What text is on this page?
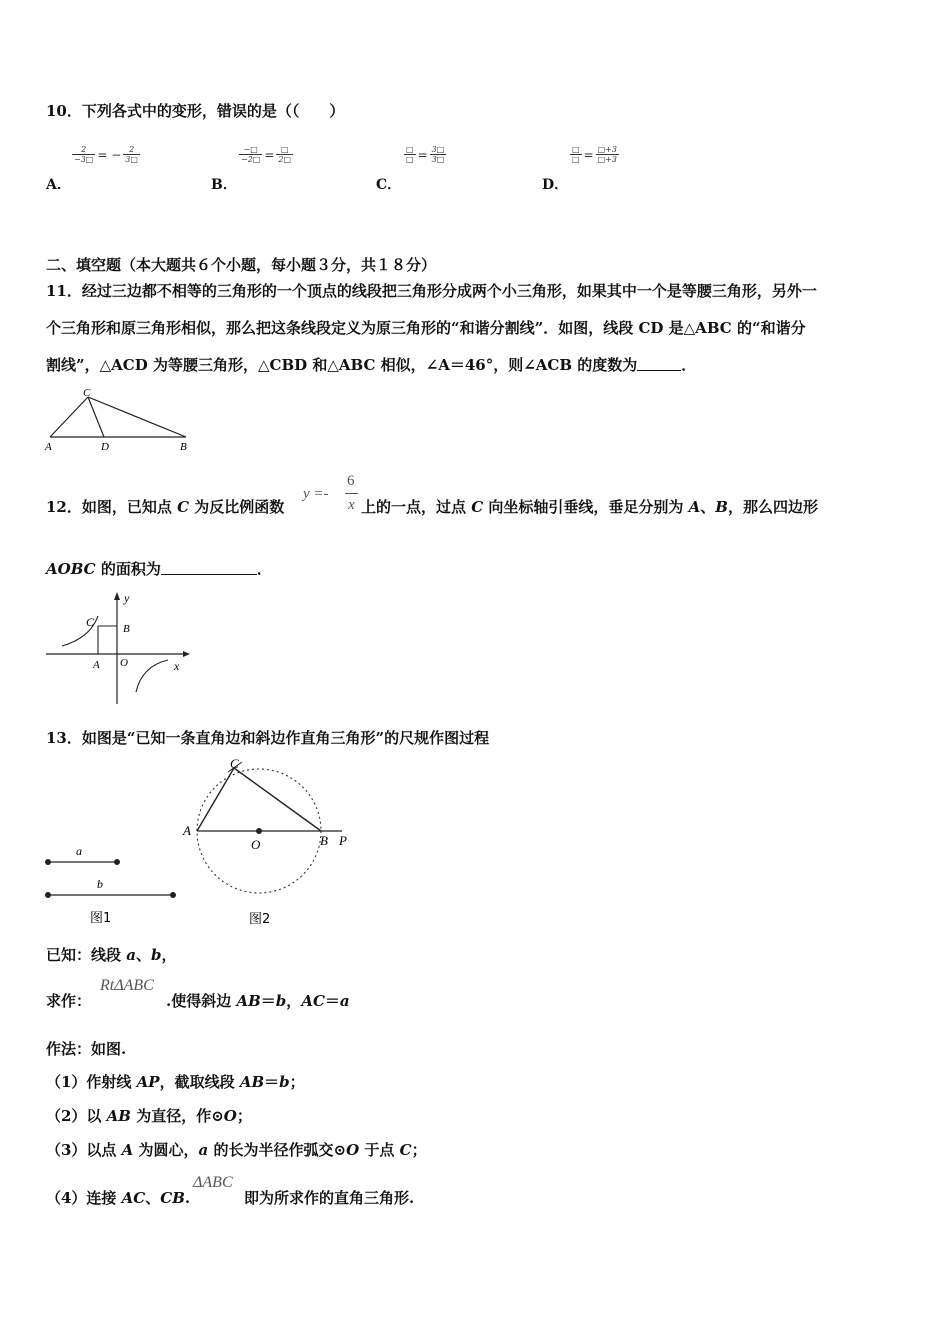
10．下列各式中的变形，错误的是（（　　）
$\frac{2}{-3□}$ = − $\frac{2}{3□}$
A．
$\frac{-□}{-2□} = \frac{□}{2□}$
B．
$\frac{□}{□} = \frac{3□}{3□}$
C．
$\frac{□}{□} = \frac{□+3}{□+3}$
D．
二、填空题（本大题共６个小题，每小题３分，共１８分）
11．经过三边都不相等的三角形的一个顶点的线段把三角形分成两个小三角形，如果其中一个是等腰三角形，另外一
个三角形和原三角形相似，那么把这条线段定义为原三角形的“和谐分割线”．如图，线段 CD 是△ABC 的“和谐分
割线”，△ACD 为等腰三角形，△CBD 和△ABC 相似，∠A＝46°，则∠ACB 的度数为	．
C
A	D	B
12．如图，已知点 C 为反比例函数
y =-
6
x 上的一点，过点 C 向坐标轴引垂线，垂足分别为 A、B，那么四边形
AOBC 的面积为	．
y
x
C	B
A O
13．如图是“已知一条直角边和斜边作直角三角形”的尺规作图过程
a
b
图1
C
A
O	B P
图2
已知：线段 a、b，
求作：
RtΔABC
.使得斜边 AB＝b，AC＝a
作法：如图.
（1）作射线 AP，截取线段 AB＝b；
（2）以 AB 为直径，作⊙O；
（3）以点 A 为圆心，a 的长为半径作弧交⊙O 于点 C；
（4）连接 AC、CB.
ΔABC
即为所求作的直角三角形.
